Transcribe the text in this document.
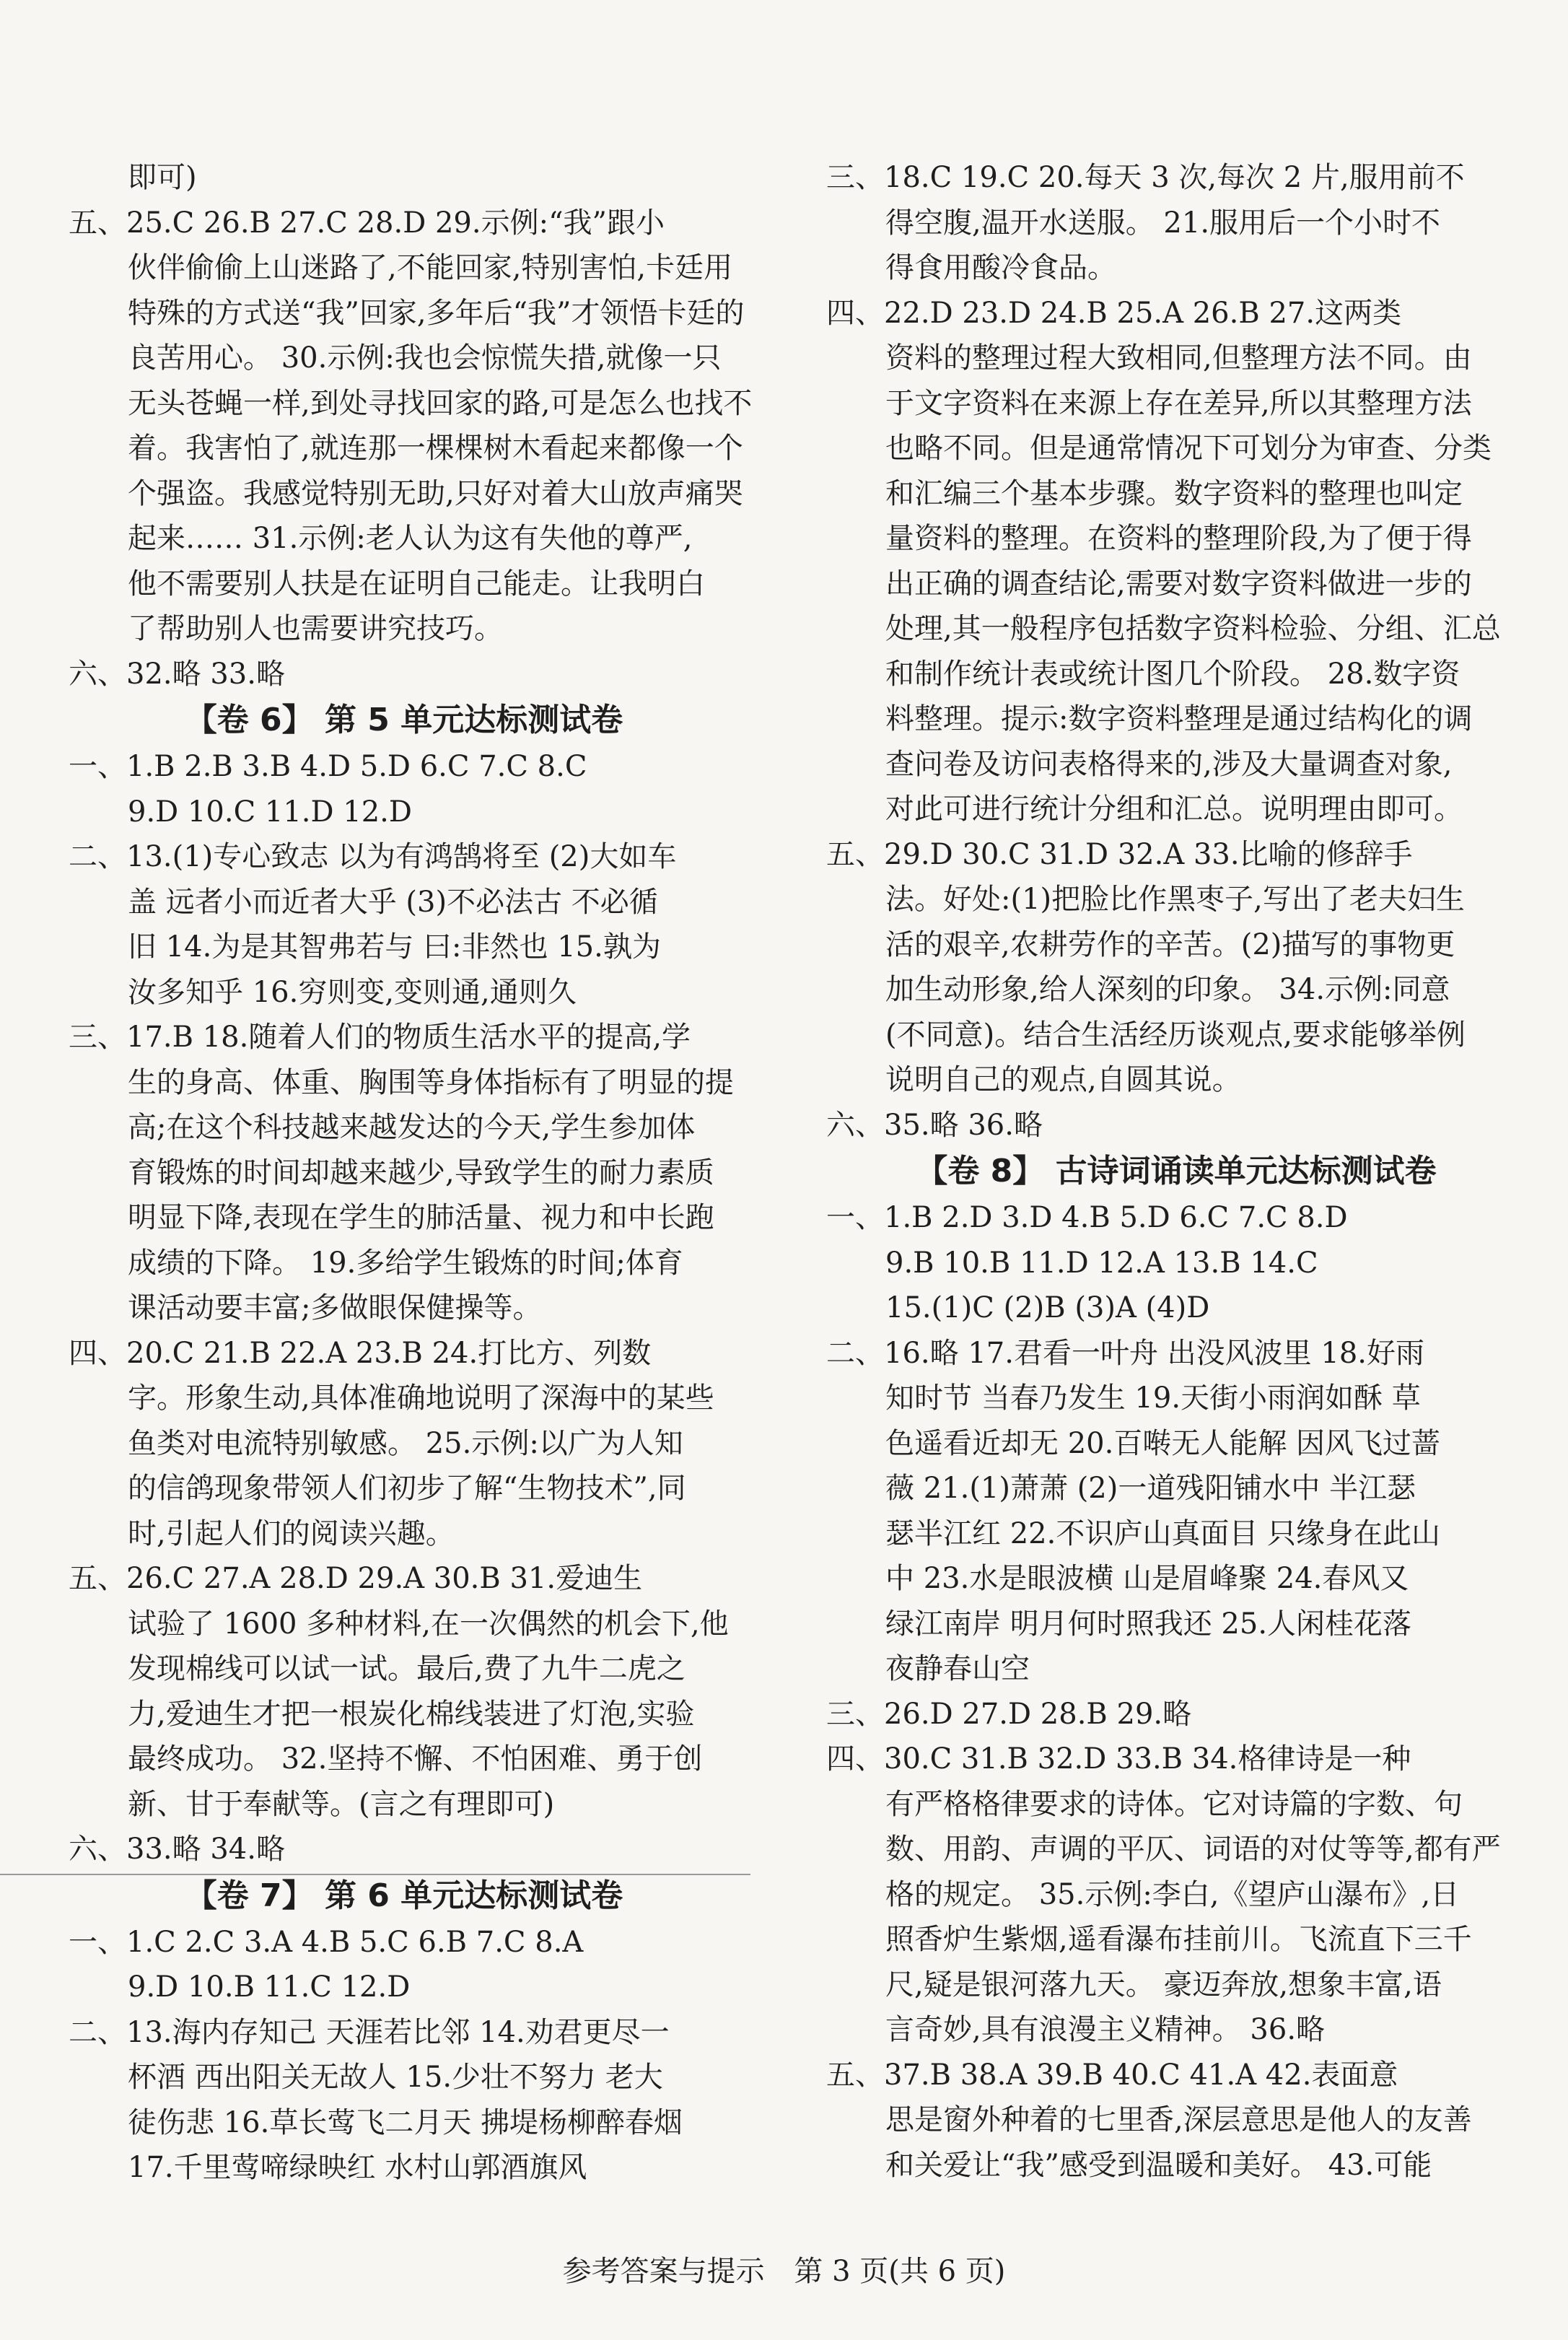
即可)
五、25.C 26.B 27.C 28.D 29.示例:“我”跟小
伙伴偷偷上山迷路了,不能回家,特别害怕,卡廷用
特殊的方式送“我”回家,多年后“我”才领悟卡廷的
良苦用心。 30.示例:我也会惊慌失措,就像一只
无头苍蝇一样,到处寻找回家的路,可是怎么也找不
着。我害怕了,就连那一棵棵树木看起来都像一个
个强盗。我感觉特别无助,只好对着大山放声痛哭
起来…… 31.示例:老人认为这有失他的尊严,
他不需要别人扶是在证明自己能走。让我明白
了帮助别人也需要讲究技巧。
六、32.略 33.略
【卷 6】 第 5 单元达标测试卷
一、1.B 2.B 3.B 4.D 5.D 6.C 7.C 8.C
9.D 10.C 11.D 12.D
二、13.(1)专心致志 以为有鸿鹄将至 (2)大如车
盖 远者小而近者大乎 (3)不必法古 不必循
旧 14.为是其智弗若与 曰:非然也 15.孰为
汝多知乎 16.穷则变,变则通,通则久
三、17.B 18.随着人们的物质生活水平的提高,学
生的身高、体重、胸围等身体指标有了明显的提
高;在这个科技越来越发达的今天,学生参加体
育锻炼的时间却越来越少,导致学生的耐力素质
明显下降,表现在学生的肺活量、视力和中长跑
成绩的下降。 19.多给学生锻炼的时间;体育
课活动要丰富;多做眼保健操等。
四、20.C 21.B 22.A 23.B 24.打比方、列数
字。形象生动,具体准确地说明了深海中的某些
鱼类对电流特别敏感。 25.示例:以广为人知
的信鸽现象带领人们初步了解“生物技术”,同
时,引起人们的阅读兴趣。
五、26.C 27.A 28.D 29.A 30.B 31.爱迪生
试验了 1600 多种材料,在一次偶然的机会下,他
发现棉线可以试一试。最后,费了九牛二虎之
力,爱迪生才把一根炭化棉线装进了灯泡,实验
最终成功。 32.坚持不懈、不怕困难、勇于创
新、甘于奉献等。(言之有理即可)
六、33.略 34.略
【卷 7】 第 6 单元达标测试卷
一、1.C 2.C 3.A 4.B 5.C 6.B 7.C 8.A
9.D 10.B 11.C 12.D
二、13.海内存知己 天涯若比邻 14.劝君更尽一
杯酒 西出阳关无故人 15.少壮不努力 老大
徒伤悲 16.草长莺飞二月天 拂堤杨柳醉春烟
17.千里莺啼绿映红 水村山郭酒旗风
三、18.C 19.C 20.每天 3 次,每次 2 片,服用前不
得空腹,温开水送服。 21.服用后一个小时不
得食用酸冷食品。
四、22.D 23.D 24.B 25.A 26.B 27.这两类
资料的整理过程大致相同,但整理方法不同。由
于文字资料在来源上存在差异,所以其整理方法
也略不同。但是通常情况下可划分为审查、分类
和汇编三个基本步骤。数字资料的整理也叫定
量资料的整理。在资料的整理阶段,为了便于得
出正确的调查结论,需要对数字资料做进一步的
处理,其一般程序包括数字资料检验、分组、汇总
和制作统计表或统计图几个阶段。 28.数字资
料整理。提示:数字资料整理是通过结构化的调
查问卷及访问表格得来的,涉及大量调查对象,
对此可进行统计分组和汇总。说明理由即可。
五、29.D 30.C 31.D 32.A 33.比喻的修辞手
法。好处:(1)把脸比作黑枣子,写出了老夫妇生
活的艰辛,农耕劳作的辛苦。(2)描写的事物更
加生动形象,给人深刻的印象。 34.示例:同意
(不同意)。结合生活经历谈观点,要求能够举例
说明自己的观点,自圆其说。
六、35.略 36.略
【卷 8】 古诗词诵读单元达标测试卷
一、1.B 2.D 3.D 4.B 5.D 6.C 7.C 8.D
9.B 10.B 11.D 12.A 13.B 14.C
15.(1)C (2)B (3)A (4)D
二、16.略 17.君看一叶舟 出没风波里 18.好雨
知时节 当春乃发生 19.天街小雨润如酥 草
色遥看近却无 20.百啭无人能解 因风飞过蔷
薇 21.(1)萧萧 (2)一道残阳铺水中 半江瑟
瑟半江红 22.不识庐山真面目 只缘身在此山
中 23.水是眼波横 山是眉峰聚 24.春风又
绿江南岸 明月何时照我还 25.人闲桂花落
夜静春山空
三、26.D 27.D 28.B 29.略
四、30.C 31.B 32.D 33.B 34.格律诗是一种
有严格格律要求的诗体。它对诗篇的字数、句
数、用韵、声调的平仄、词语的对仗等等,都有严
格的规定。 35.示例:李白,《望庐山瀑布》,日
照香炉生紫烟,遥看瀑布挂前川。飞流直下三千
尺,疑是银河落九天。 豪迈奔放,想象丰富,语
言奇妙,具有浪漫主义精神。 36.略
五、37.B 38.A 39.B 40.C 41.A 42.表面意
思是窗外种着的七里香,深层意思是他人的友善
和关爱让“我”感受到温暖和美好。 43.可能
参考答案与提示 第 3 页(共 6 页)
